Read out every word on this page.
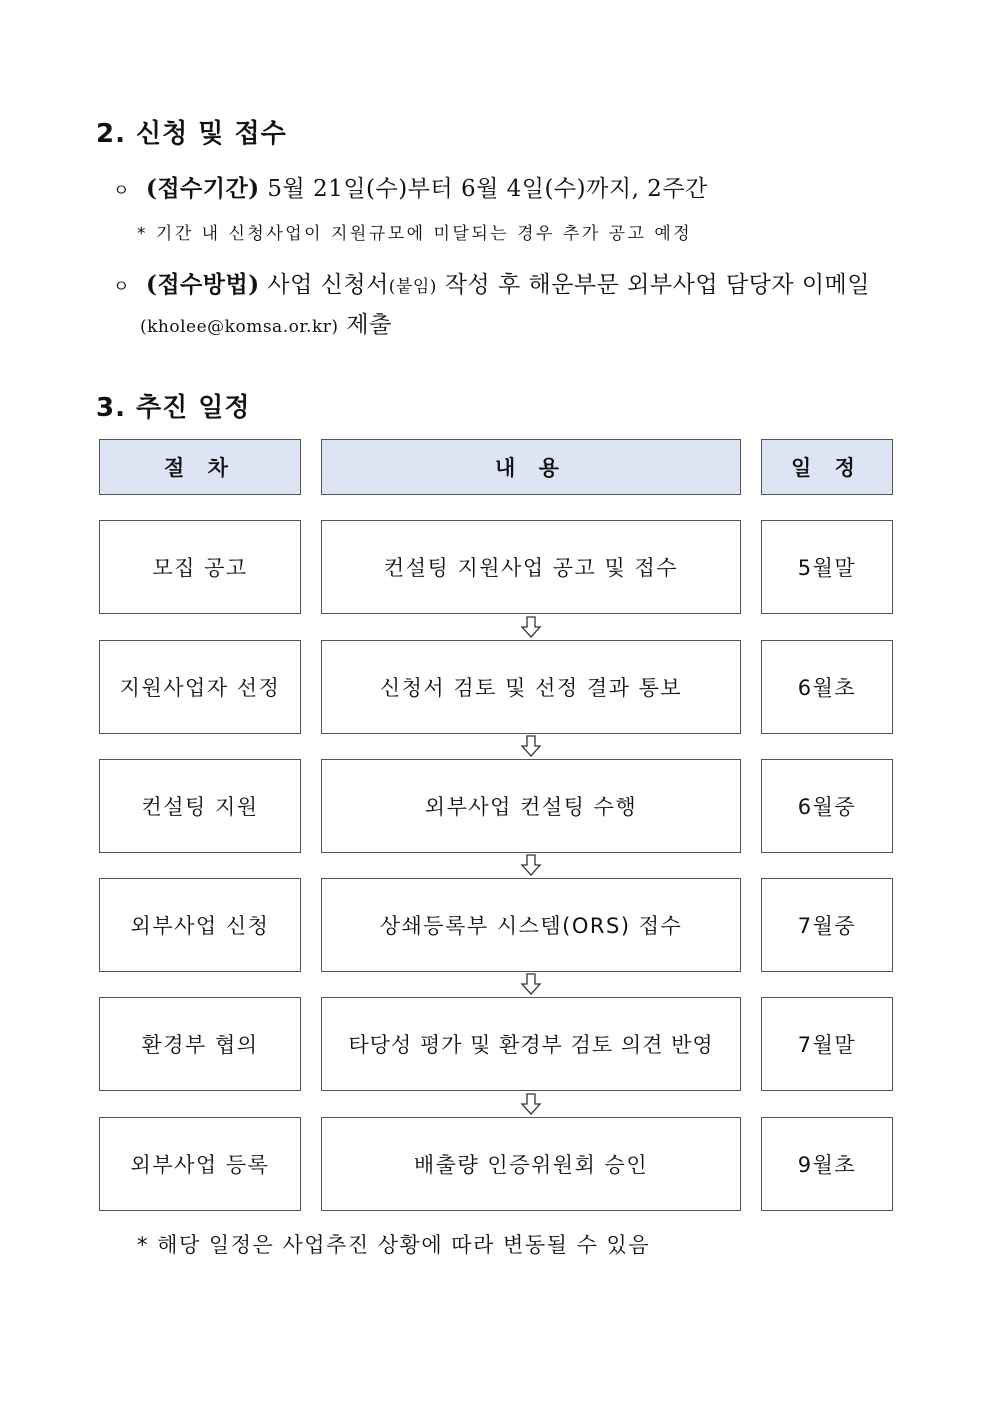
2. 신청 및 접수
ㅇ (접수기간) 5월 21일(수)부터 6월 4일(수)까지, 2주간
* 기간 내 신청사업이 지원규모에 미달되는 경우 추가 공고 예정
ㅇ (접수방법) 사업 신청서(붙임) 작성 후 해운부문 외부사업 담당자 이메일
(kholee@komsa.or.kr) 제출
3. 추진 일정
절 차	내 용	일 정
모집 공고	컨설팅 지원사업 공고 및 접수	5월말
지원사업자 선정	신청서 검토 및 선정 결과 통보	6월초
컨설팅 지원	외부사업 컨설팅 수행	6월중
외부사업 신청	상쇄등록부 시스템(ORS) 접수	7월중
환경부 협의	타당성 평가 및 환경부 검토 의견 반영	7월말
외부사업 등록	배출량 인증위원회 승인	9월초
* 해당 일정은 사업추진 상황에 따라 변동될 수 있음
